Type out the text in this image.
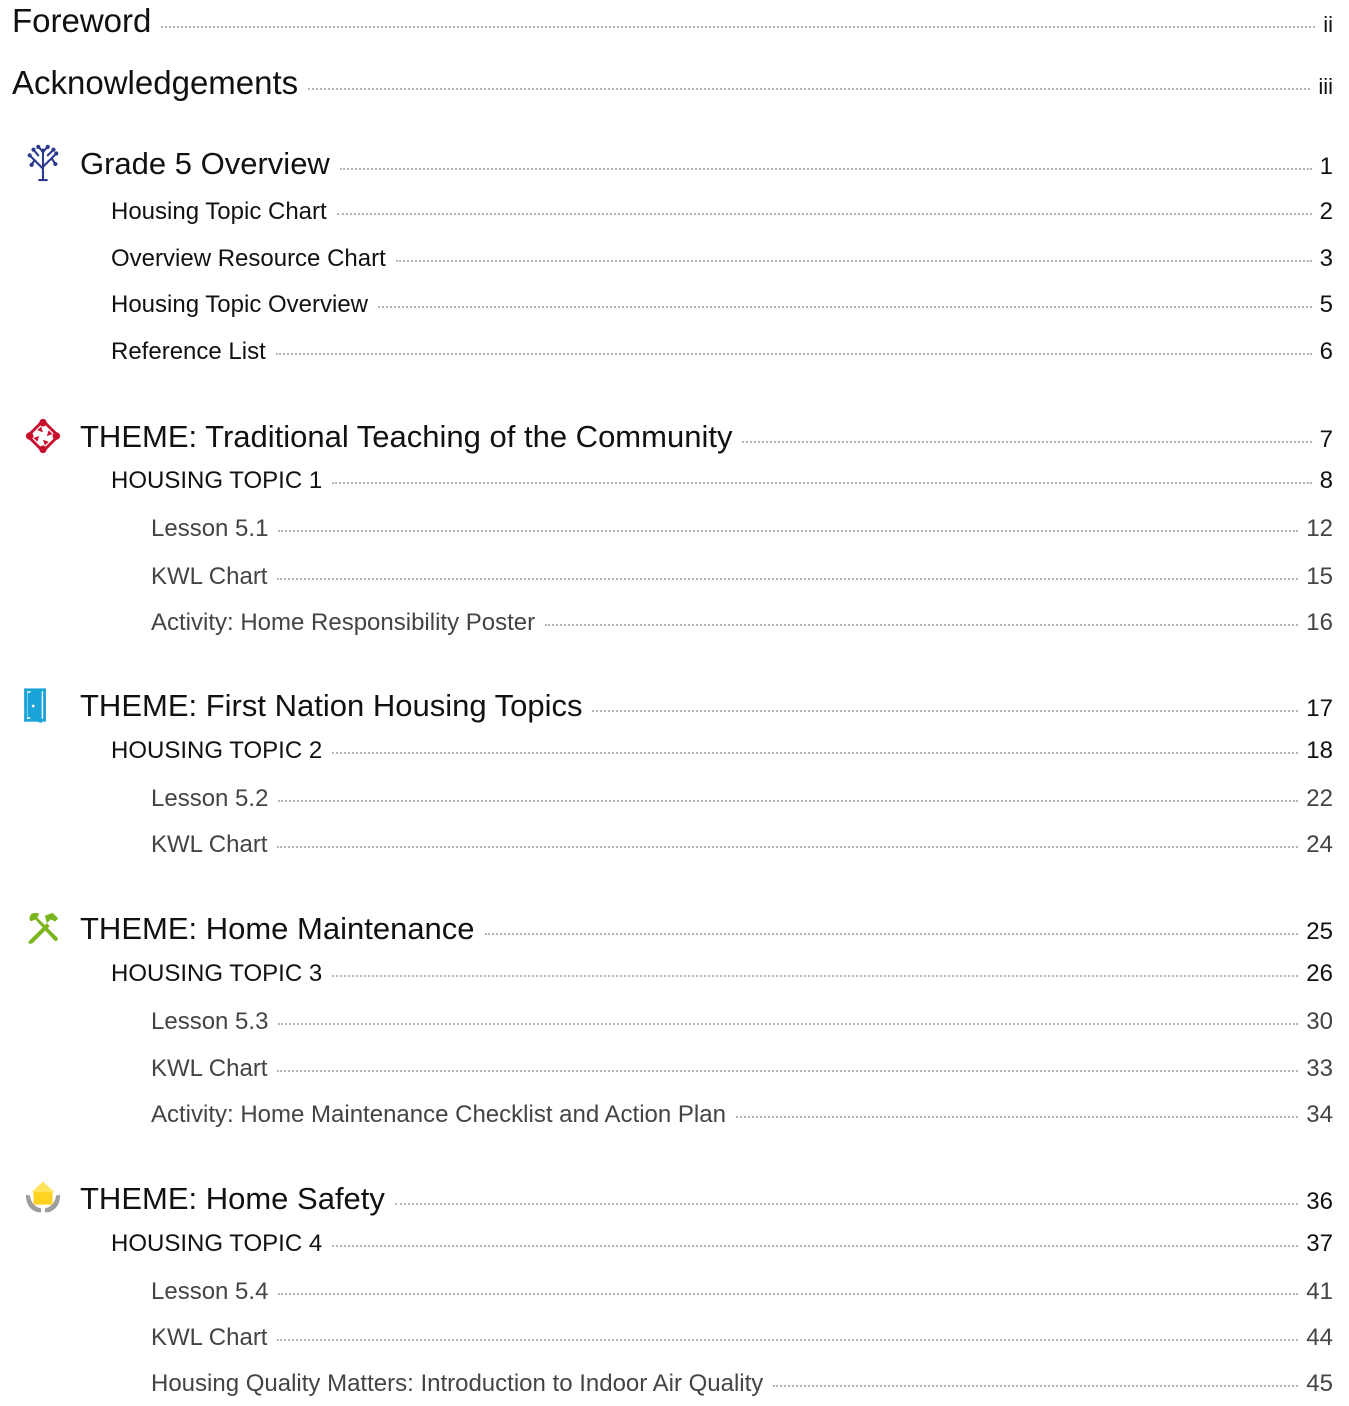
Foreword	ii
Acknowledgements	iii
Grade 5 Overview	1
Housing Topic Chart	2
Overview Resource Chart	3
Housing Topic Overview	5
Reference List	6
THEME: Traditional Teaching of the Community	7
HOUSING TOPIC 1	8
Lesson 5.1	12
KWL Chart	15
Activity: Home Responsibility Poster	16
THEME: First Nation Housing Topics	17
HOUSING TOPIC 2	18
Lesson 5.2	22
KWL Chart	24
THEME: Home Maintenance	25
HOUSING TOPIC 3	26
Lesson 5.3	30
KWL Chart	33
Activity: Home Maintenance Checklist and Action Plan	34
THEME: Home Safety	36
HOUSING TOPIC 4	37
Lesson 5.4	41
KWL Chart	44
Housing Quality Matters: Introduction to Indoor Air Quality	45
